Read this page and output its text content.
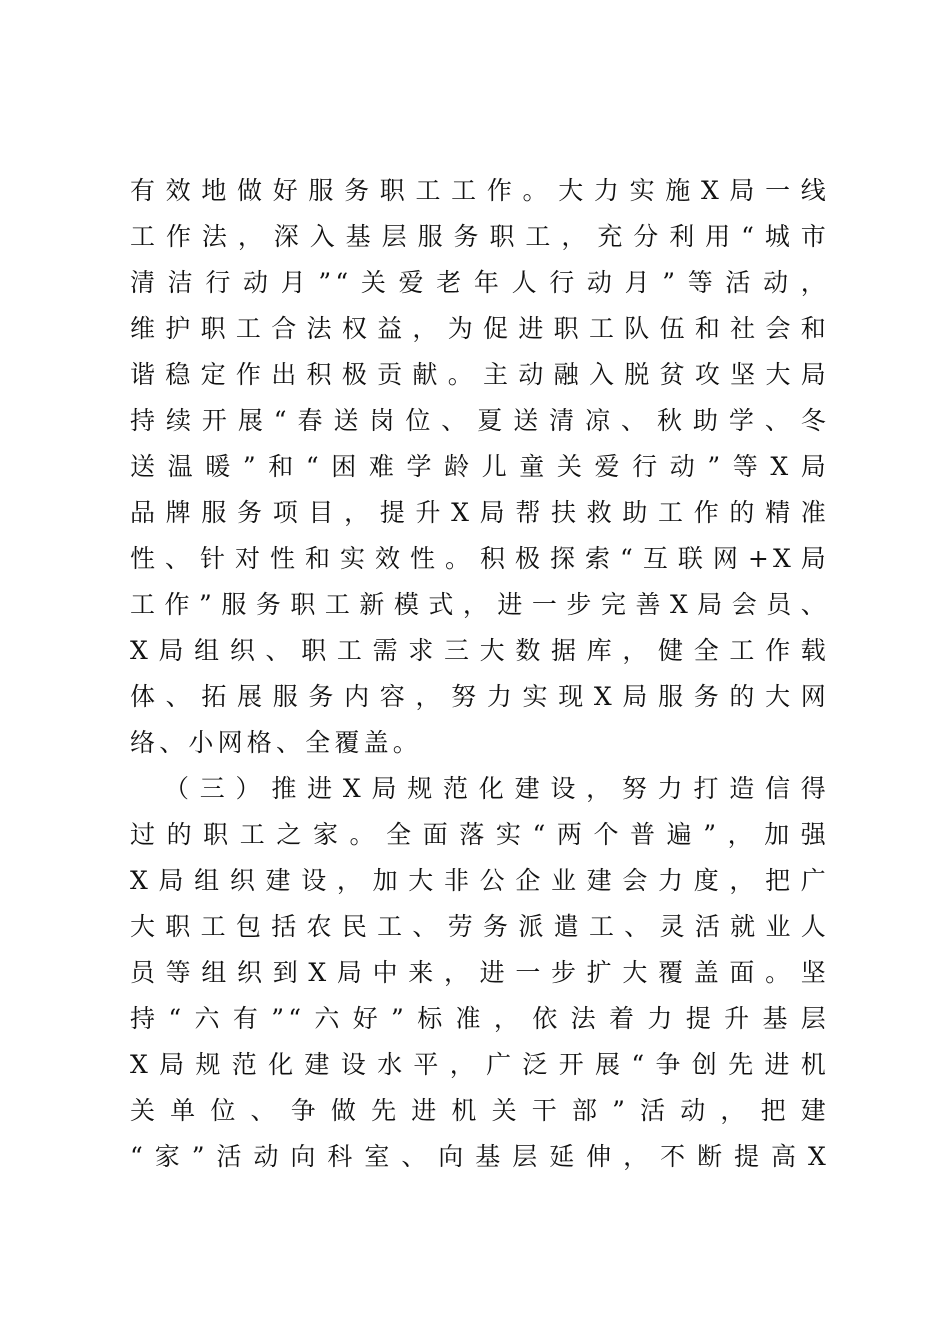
有效地做好服务职工工作。大力实施X局一线
工作法，深入基层服务职工，充分利用“城市
清洁行动月”“关爱老年人行动月”等活动，
维护职工合法权益，为促进职工队伍和社会和
谐稳定作出积极贡献。主动融入脱贫攻坚大局
持续开展“春送岗位、夏送清凉、秋助学、冬
送温暖”和“困难学龄儿童关爱行动”等X局
品牌服务项目，提升X局帮扶救助工作的精准
性、针对性和实效性。积极探索“互联网+X局
工作”服务职工新模式，进一步完善X局会员、
X局组织、职工需求三大数据库，健全工作载
体、拓展服务内容，努力实现X局服务的大网
络、小网格、全覆盖。
（三）推进X局规范化建设，努力打造信得
过的职工之家。全面落实“两个普遍”，加强
X局组织建设，加大非公企业建会力度，把广
大职工包括农民工、劳务派遣工、灵活就业人
员等组织到X局中来，进一步扩大覆盖面。坚
持“六有”“六好”标准，依法着力提升基层
X局规范化建设水平，广泛开展“争创先进机
关单位、争做先进机关干部”活动，把建
“家”活动向科室、向基层延伸，不断提高X
